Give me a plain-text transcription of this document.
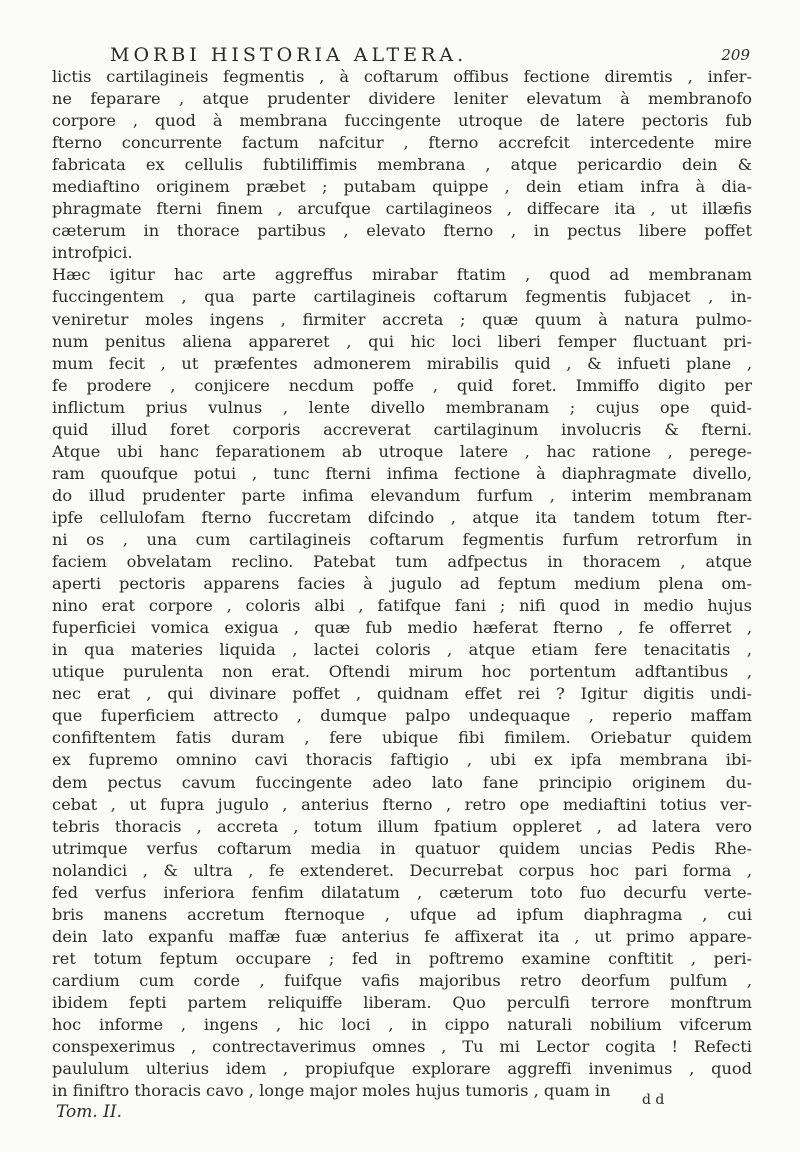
MORBI HISTORIA ALTERA.	209
lictis cartilagineis fegmentis , à coftarum offibus fectione diremtis , infer-
ne feparare , atque prudenter dividere leniter elevatum à membranofo
corpore , quod à membrana fuccingente utroque de latere pectoris fub
fterno concurrente factum nafcitur , fterno accrefcit intercedente mire
fabricata ex cellulis fubtiliffimis membrana , atque pericardio dein &
mediaftino originem præbet ; putabam quippe , dein etiam infra à dia-
phragmate fterni finem , arcufque cartilagineos , diffecare ita , ut illæfis
cæterum in thorace partibus , elevato fterno , in pectus libere poffet
introfpici.
Hæc igitur hac arte aggreffus mirabar ftatim , quod ad membranam
fuccingentem , qua parte cartilagineis coftarum fegmentis fubjacet , in-
veniretur moles ingens , firmiter accreta ; quæ quum à natura pulmo-
num penitus aliena appareret , qui hic loci liberi femper fluctuant pri-
mum fecit , ut præfentes admonerem mirabilis quid , & infueti plane ,
fe prodere , conjicere necdum poffe , quid foret. Immiffo digito per
inflictum prius vulnus , lente divello membranam ; cujus ope quid-
quid illud foret corporis accreverat cartilaginum involucris & fterni.
Atque ubi hanc feparationem ab utroque latere , hac ratione , perege-
ram quoufque potui , tunc fterni infima fectione à diaphragmate divello,
do illud prudenter parte infima elevandum furfum , interim membranam
ipfe cellulofam fterno fuccretam difcindo , atque ita tandem totum fter-
ni os , una cum cartilagineis coftarum fegmentis furfum retrorfum in
faciem obvelatam reclino. Patebat tum adfpectus in thoracem , atque
aperti pectoris apparens facies à jugulo ad feptum medium plena om-
nino erat corpore , coloris albi , fatifque fani ; nifi quod in medio hujus
fuperficiei vomica exigua , quæ fub medio hæferat fterno , fe offerret ,
in qua materies liquida , lactei coloris , atque etiam fere tenacitatis ,
utique purulenta non erat. Oftendi mirum hoc portentum adftantibus ,
nec erat , qui divinare poffet , quidnam effet rei ? Igitur digitis undi-
que fuperficiem attrecto , dumque palpo undequaque , reperio maffam
confiftentem fatis duram , fere ubique fibi fimilem. Oriebatur quidem
ex fupremo omnino cavi thoracis faftigio , ubi ex ipfa membrana ibi-
dem pectus cavum fuccingente adeo lato fane principio originem du-
cebat , ut fupra jugulo , anterius fterno , retro ope mediaftini totius ver-
tebris thoracis , accreta , totum illum fpatium oppleret , ad latera vero
utrimque verfus coftarum media in quatuor quidem uncias Pedis Rhe-
nolandici , & ultra , fe extenderet. Decurrebat corpus hoc pari forma ,
fed verfus inferiora fenfim dilatatum , cæterum toto fuo decurfu verte-
bris manens accretum fternoque , ufque ad ipfum diaphragma , cui
dein lato expanfu maffæ fuæ anterius fe affixerat ita , ut primo appare-
ret totum feptum occupare ; fed in poftremo examine conftitit , peri-
cardium cum corde , fuifque vafis majoribus retro deorfum pulfum ,
ibidem fepti partem reliquiffe liberam. Quo perculfi terrore monftrum
hoc informe , ingens , hic loci , in cippo naturali nobilium vifcerum
conspexerimus , contrectaverimus omnes , Tu mi Lector cogita ! Refecti
paululum ulterius idem , propiufque explorare aggreffi invenimus , quod
in finiftro thoracis cavo , longe major moles hujus tumoris , quam in
Tom. II.
d d
